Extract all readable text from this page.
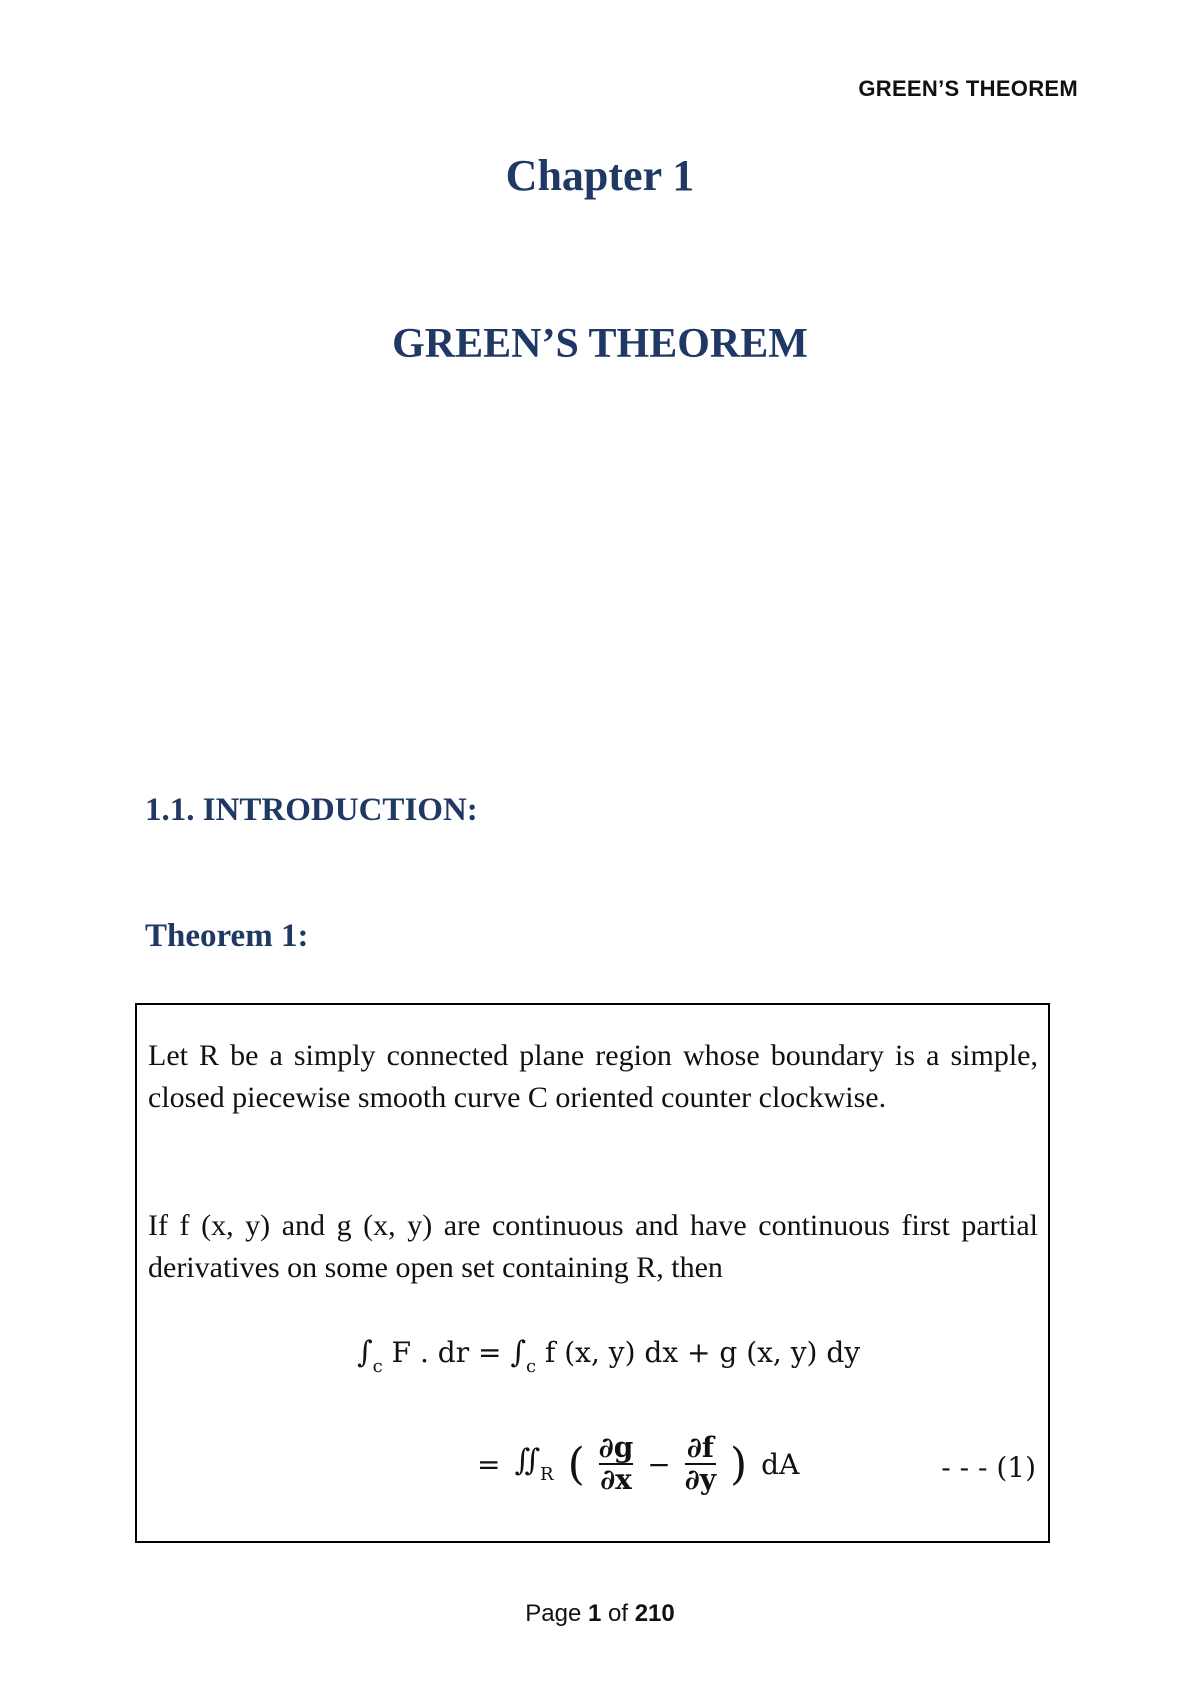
GREEN’S THEOREM
Chapter 1
GREEN’S THEOREM
1.1. INTRODUCTION:
Theorem 1:
Let R be a simply connected plane region whose boundary is a simple, closed piecewise smooth curve C oriented counter clockwise.
If f (x, y) and g (x, y) are continuous and have continuous first partial derivatives on some open set containing R, then
$\int_c$ F . dr = $\int_c$ f (x, y) dx + g (x, y) dy
= $∬_R$ ( $\frac{\partial g}{\partial x} - \frac{\partial f}{\partial y}$ ) dA	- - - (1)
Page 1 of 210
